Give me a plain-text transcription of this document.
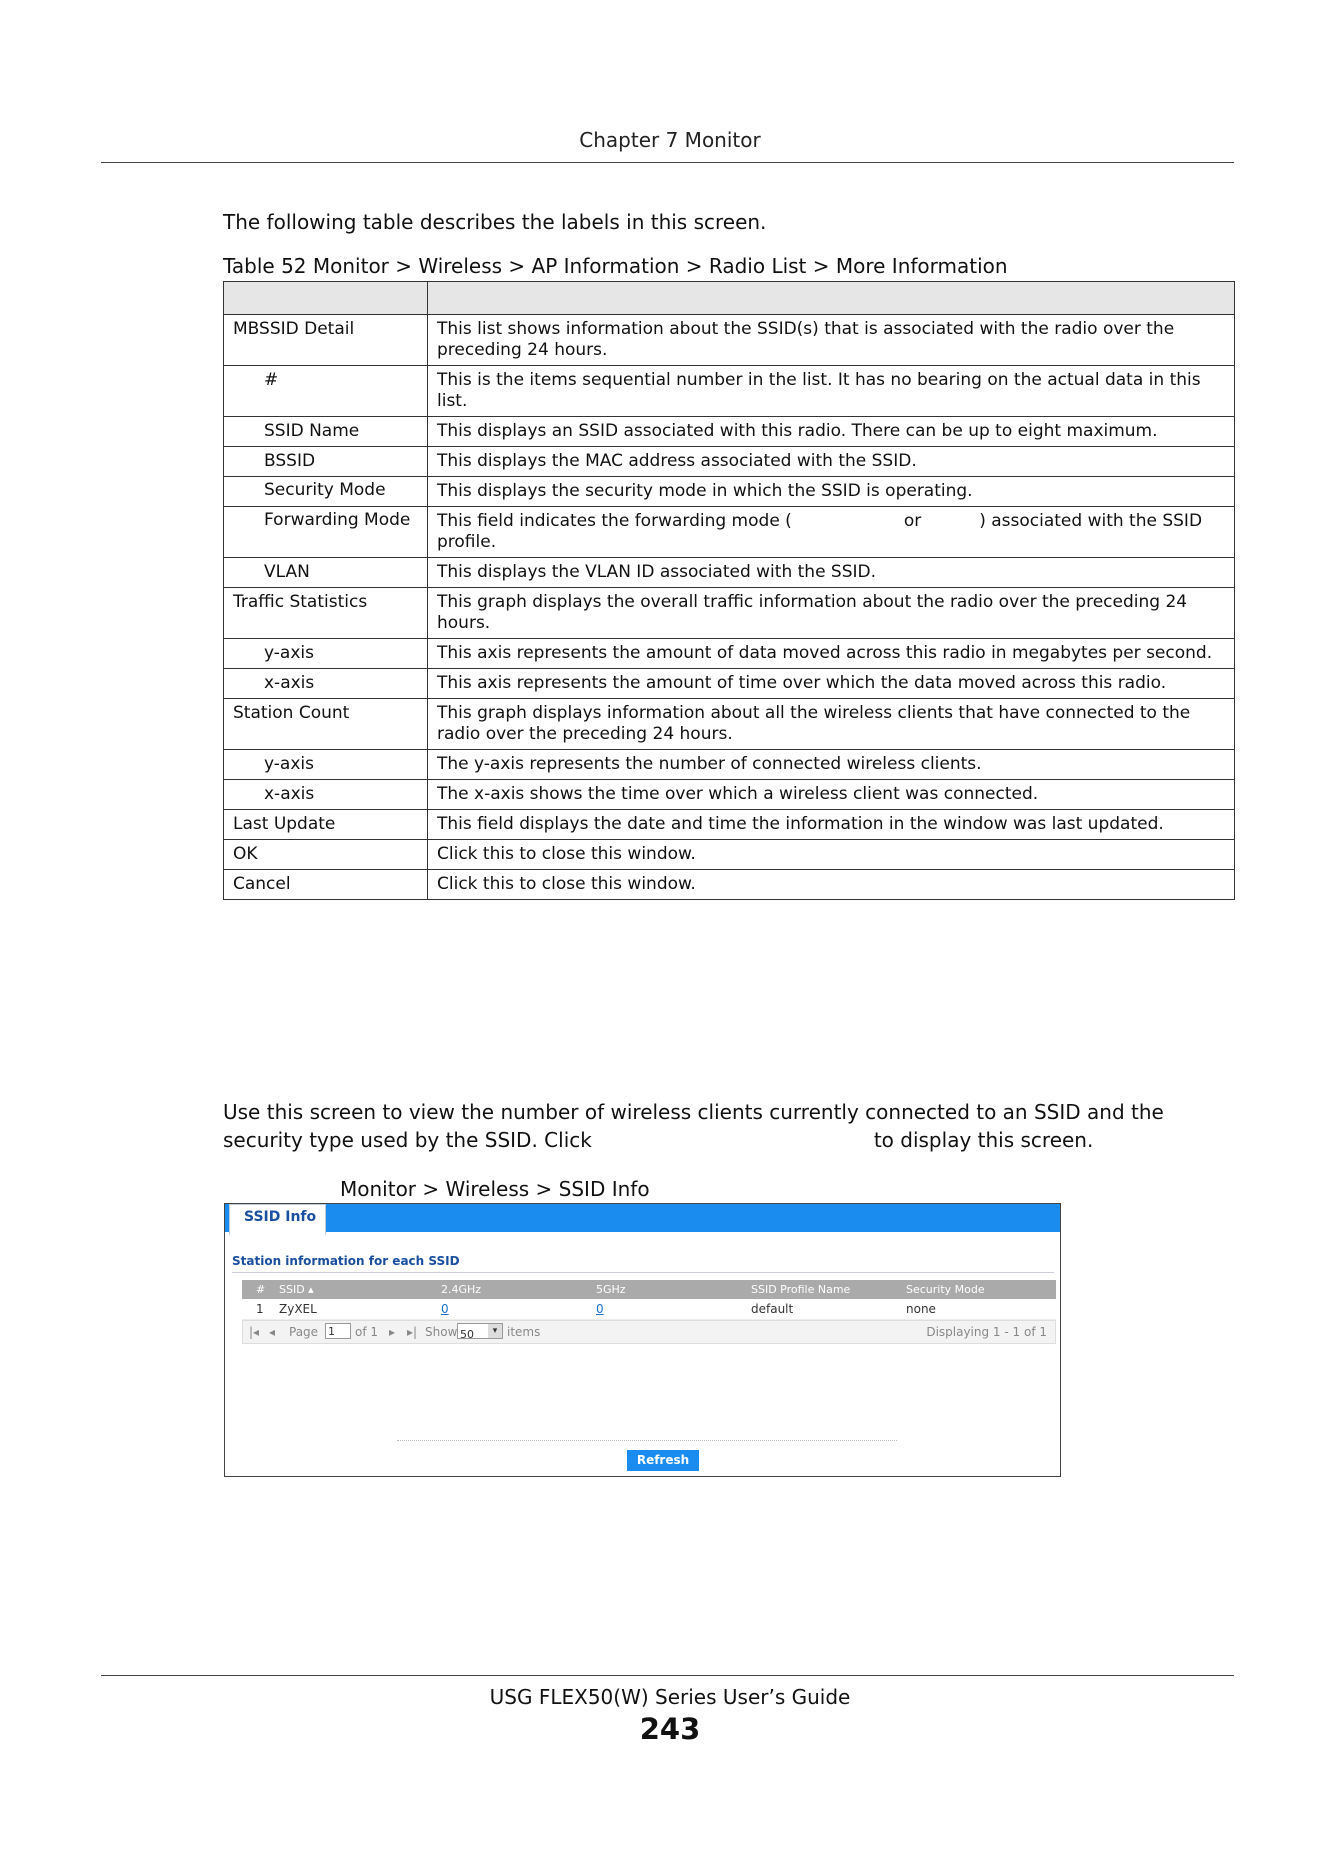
Chapter 7 Monitor
The following table describes the labels in this screen.
Table 52 Monitor > Wireless > AP Information > Radio List > More Information

MBSSID Detail	This list shows information about the SSID(s) that is associated with the radio over the preceding 24 hours.
#	This is the items sequential number in the list. It has no bearing on the actual data in this list.
SSID Name	This displays an SSID associated with this radio. There can be up to eight maximum.
BSSID	This displays the MAC address associated with the SSID.
Security Mode	This displays the security mode in which the SSID is operating.
Forwarding Mode	This field indicates the forwarding mode ( or ) associated with the SSID profile.
VLAN	This displays the VLAN ID associated with the SSID.
Traffic Statistics	This graph displays the overall traffic information about the radio over the preceding 24 hours.
y-axis	This axis represents the amount of data moved across this radio in megabytes per second.
x-axis	This axis represents the amount of time over which the data moved across this radio.
Station Count	This graph displays information about all the wireless clients that have connected to the radio over the preceding 24 hours.
y-axis	The y-axis represents the number of connected wireless clients.
x-axis	The x-axis shows the time over which a wireless client was connected.
Last Update	This field displays the date and time the information in the window was last updated.
OK	Click this to close this window.
Cancel	Click this to close this window.
Use this screen to view the number of wireless clients currently connected to an SSID and the security type used by the SSID. Click	to display this screen.
Monitor > Wireless > SSID Info
SSID Info
Station information for each SSID
# SSID ▴	2.4GHz	5GHz	SSID Profile Name	Security Mode
1 ZyXEL	0	0	default	none
|◂ ◂ Page 1	of 1 ▸ ▸| Show 50	▾ items	Displaying 1 - 1 of 1
Refresh
USG FLEX50(W) Series User’s Guide
243
